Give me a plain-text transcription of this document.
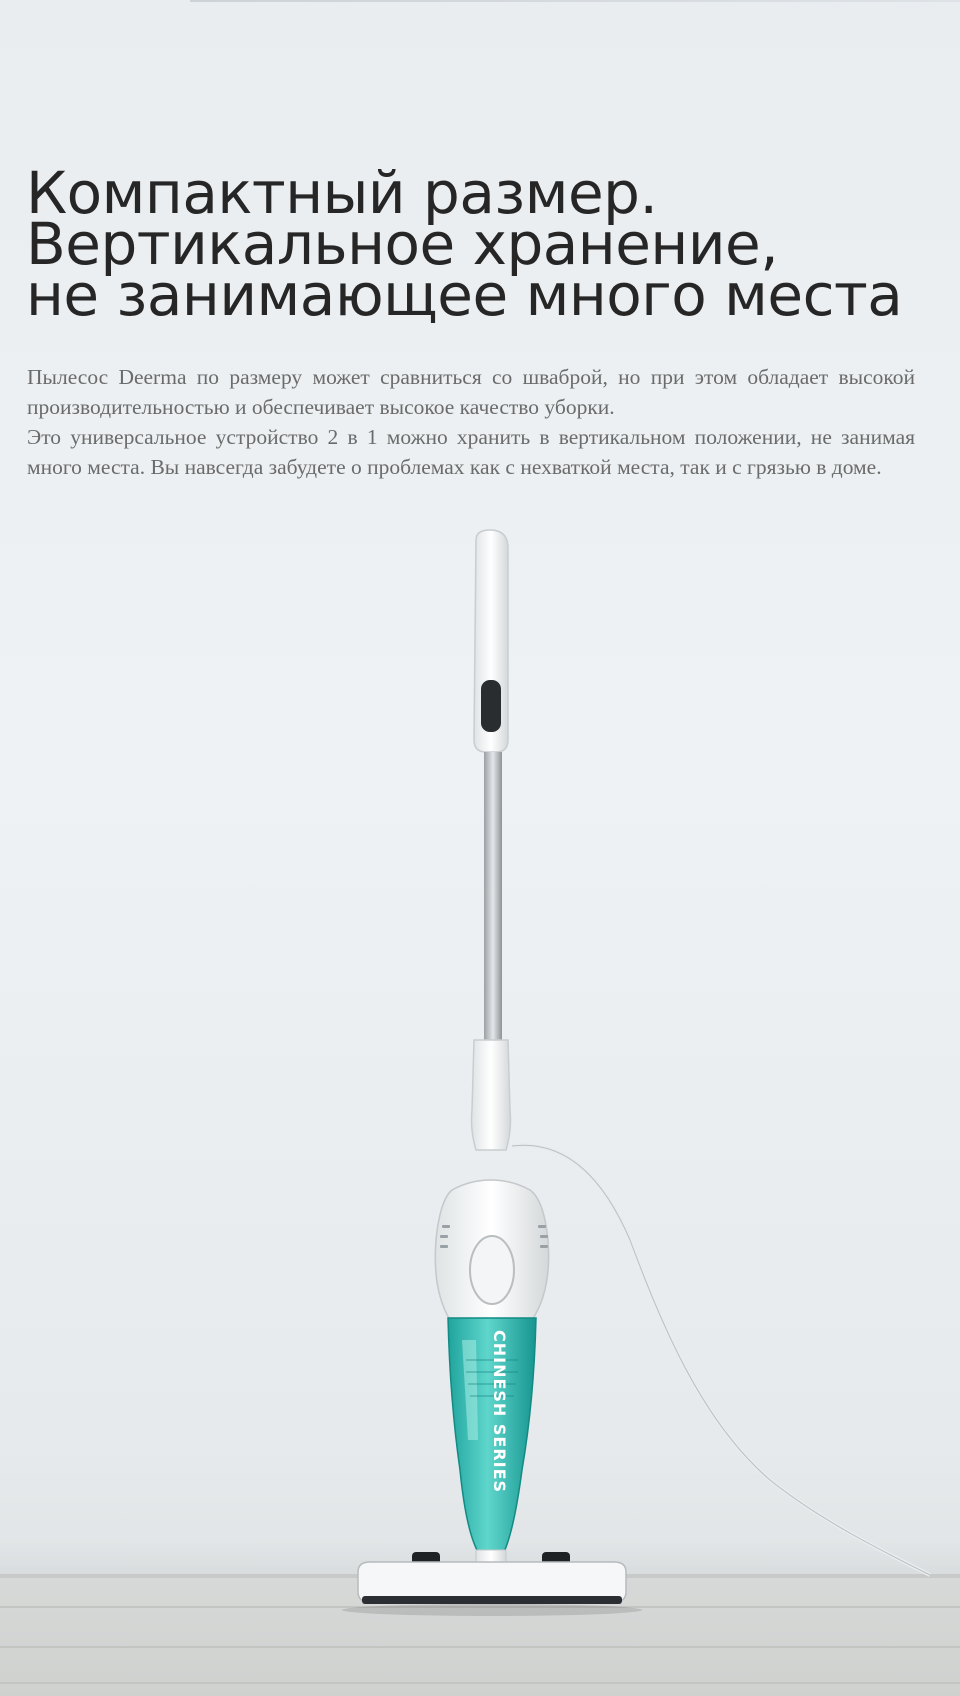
Компактный размер.
Вертикальное хранение,
не занимающее много места

Пылесос Deerma по размеру может сравниться со шваброй, но при этом обладает высокой производительностью и обеспечивает высокое качество уборки.

Это универсальное устройство 2 в 1 можно хранить в вертикальном положении, не занимая много места. Вы навсегда забудете о проблемах как с нехваткой места, так и с грязью в доме.

CHINESH SERIES
